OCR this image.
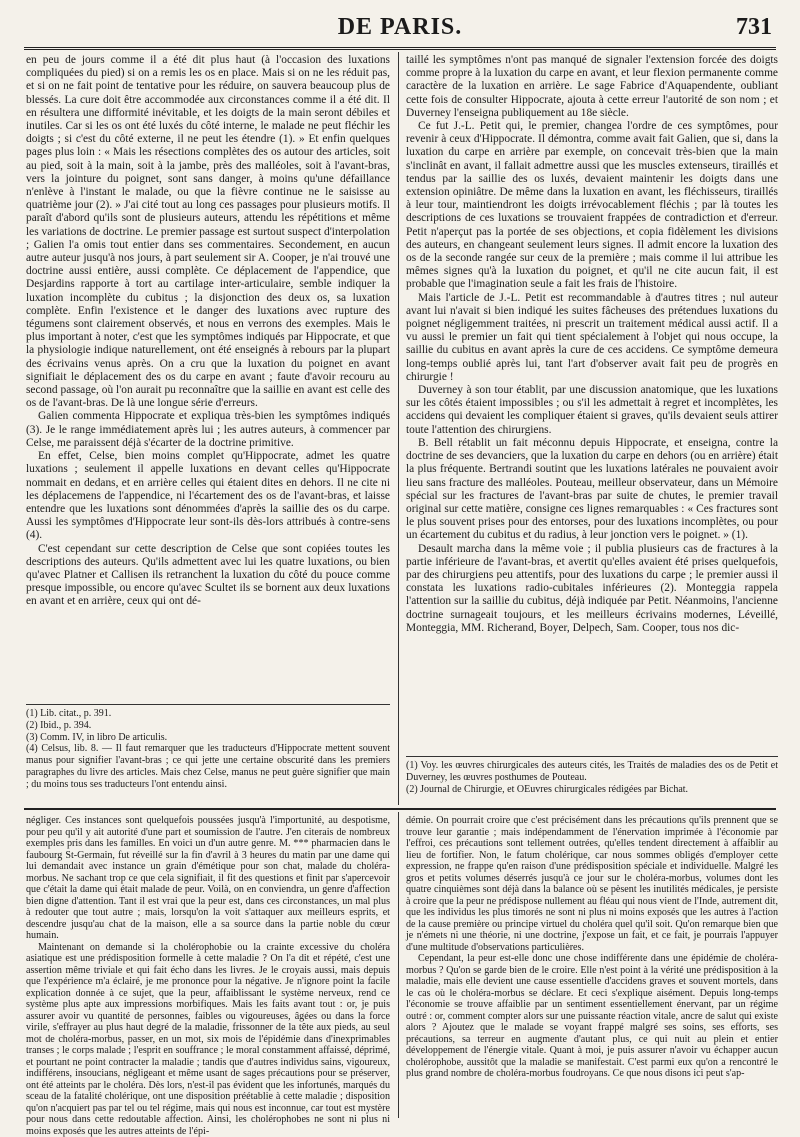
DE PARIS.	731

en peu de jours comme il a été dit plus haut (à l'occasion des luxations compliquées du pied) si on a remis les os en place. Mais si on ne les réduit pas, et si on ne fait point de tentative pour les réduire, on sauvera beaucoup plus de blessés. La cure doit être accommodée aux circonstances comme il a été dit. Il en résultera une difformité inévitable, et les doigts de la main seront débiles et inutiles. Car si les os ont été luxés du côté interne, le malade ne peut fléchir les doigts ; si c'est du côté externe, il ne peut les étendre (1). » Et enfin quelques pages plus loin : « Mais les résections complètes des os autour des articles, soit au pied, soit à la main, soit à la jambe, près des malléoles, soit à l'avant-bras, vers la jointure du poignet, sont sans danger, à moins qu'une défaillance n'enlève à l'instant le malade, ou que la fièvre continue ne le saisisse au quatrième jour (2). » J'ai cité tout au long ces passages pour plusieurs motifs. Il paraît d'abord qu'ils sont de plusieurs auteurs, attendu les répétitions et même les variations de doctrine. Le premier passage est surtout suspect d'interpolation ; Galien l'a omis tout entier dans ses commentaires. Secondement, en aucun autre auteur jusqu'à nos jours, à part seulement sir A. Cooper, je n'ai trouvé une doctrine aussi entière, aussi complète. Ce déplacement de l'appendice, que Desjardins rapporte à tort au cartilage inter-articulaire, semble indiquer la luxation incomplète du cubitus ; la disjonction des deux os, sa luxation complète. Enfin l'existence et le danger des luxations avec rupture des tégumens sont clairement observés, et nous en verrons des exemples. Mais le plus important à noter, c'est que les symptômes indiqués par Hippocrate, et que la physiologie indique naturellement, ont été enseignés à rebours par la plupart des écrivains venus après. On a cru que la luxation du poignet en avant signifiait le déplacement des os du carpe en avant ; faute d'avoir recouru au second passage, où l'on aurait pu reconnaître que la saillie en avant est celle des os de l'avant-bras. De là une longue série d'erreurs.

Galien commenta Hippocrate et expliqua très-bien les symptômes indiqués (3). Je le range immédiatement après lui ; les autres auteurs, à commencer par Celse, me paraissent déjà s'écarter de la doctrine primitive.

En effet, Celse, bien moins complet qu'Hippocrate, admet les quatre luxations ; seulement il appelle luxations en devant celles qu'Hippocrate nommait en dedans, et en arrière celles qui étaient dites en dehors. Il ne cite ni les déplacemens de l'appendice, ni l'écartement des os de l'avant-bras, et laisse entendre que les luxations sont dénommées d'après la saillie des os du carpe. Aussi les symptômes d'Hippocrate leur sont-ils dès-lors attribués à contre-sens (4).

C'est cependant sur cette description de Celse que sont copiées toutes les descriptions des auteurs. Qu'ils admettent avec lui les quatre luxations, ou bien qu'avec Platner et Callisen ils retranchent la luxation du côté du pouce comme presque impossible, ou encore qu'avec Scultet ils se bornent aux deux luxations en avant et en arrière, ceux qui ont dé-

taillé les symptômes n'ont pas manqué de signaler l'extension forcée des doigts comme propre à la luxation du carpe en avant, et leur flexion permanente comme caractère de la luxation en arrière. Le sage Fabrice d'Aquapendente, oubliant cette fois de consulter Hippocrate, ajouta à cette erreur l'autorité de son nom ; et Duverney l'enseigna publiquement au 18e siècle.

Ce fut J.-L. Petit qui, le premier, changea l'ordre de ces symptômes, pour revenir à ceux d'Hippocrate. Il démontra, comme avait fait Galien, que si, dans la luxation du carpe en arrière par exemple, on concevait très-bien que la main s'inclinât en avant, il fallait admettre aussi que les muscles extenseurs, tiraillés et tendus par la saillie des os luxés, devaient maintenir les doigts dans une extension opiniâtre. De même dans la luxation en avant, les fléchisseurs, tiraillés à leur tour, maintiendront les doigts irrévocablement fléchis ; par là toutes les descriptions de ces luxations se trouvaient frappées de contradiction et d'erreur. Petit n'aperçut pas la portée de ses objections, et copia fidèlement les divisions des auteurs, en changeant seulement leurs signes. Il admit encore la luxation des os de la seconde rangée sur ceux de la première ; mais comme il lui attribue les mêmes signes qu'à la luxation du poignet, et qu'il ne cite aucun fait, il est probable que l'imagination seule a fait les frais de l'histoire.

Mais l'article de J.-L. Petit est recommandable à d'autres titres ; nul auteur avant lui n'avait si bien indiqué les suites fâcheuses des prétendues luxations du poignet négligemment traitées, ni prescrit un traitement médical aussi actif. Il a vu aussi le premier un fait qui tient spécialement à l'objet qui nous occupe, la saillie du cubitus en avant après la cure de ces accidens. Ce symptôme demeura long-temps oublié après lui, tant l'art d'observer avait fait peu de progrès en chirurgie !

Duverney à son tour établit, par une discussion anatomique, que les luxations sur les côtés étaient impossibles ; ou s'il les admettait à regret et incomplètes, les accidens qui devaient les compliquer étaient si graves, qu'ils devaient seuls attirer toute l'attention des chirurgiens.

B. Bell rétablit un fait méconnu depuis Hippocrate, et enseigna, contre la doctrine de ses devanciers, que la luxation du carpe en dehors (ou en arrière) était la plus fréquente. Bertrandi soutint que les luxations latérales ne pouvaient avoir lieu sans fracture des malléoles. Pouteau, meilleur observateur, dans un Mémoire spécial sur les fractures de l'avant-bras par suite de chutes, le premier travail original sur cette matière, consigne ces lignes remarquables : « Ces fractures sont le plus souvent prises pour des entorses, pour des luxations incomplètes, ou pour un écartement du cubitus et du radius, à leur jonction vers le poignet. » (1).

Desault marcha dans la même voie ; il publia plusieurs cas de fractures à la partie inférieure de l'avant-bras, et avertit qu'elles avaient été prises quelquefois, par des chirurgiens peu attentifs, pour des luxations du carpe ; le premier aussi il constata les luxations radio-cubitales inférieures (2). Monteggia rappela l'attention sur la saillie du cubitus, déjà indiquée par Petit. Néanmoins, l'ancienne doctrine surnageait toujours, et les meilleurs écrivains modernes, Léveillé, Monteggia, MM. Richerand, Boyer, Delpech, Sam. Cooper, tous nos dic-

(1) Lib. citat., p. 391.

(2) Ibid., p. 394.

(3) Comm. IV, in libro De articulis.

(4) Celsus, lib. 8. — Il faut remarquer que les traducteurs d'Hippocrate mettent souvent manus pour signifier l'avant-bras ; ce qui jette une certaine obscurité dans les premiers paragraphes du livre des articles. Mais chez Celse, manus ne peut guère signifier que main ; du moins tous ses traducteurs l'ont entendu ainsi.

(1) Voy. les œuvres chirurgicales des auteurs cités, les Traités de maladies des os de Petit et Duverney, les œuvres posthumes de Pouteau.

(2) Journal de Chirurgie, et OEuvres chirurgicales rédigées par Bichat.

négliger. Ces instances sont quelquefois poussées jusqu'à l'importunité, au despotisme, pour peu qu'il y ait autorité d'une part et soumission de l'autre. J'en citerais de nombreux exemples pris dans les familles. En voici un d'un autre genre. M. *** pharmacien dans le faubourg St-Germain, fut réveillé sur la fin d'avril à 3 heures du matin par une dame qui lui demandait avec instance un grain d'émétique pour son chat, malade du choléra-morbus. Ne sachant trop ce que cela signifiait, il fit des questions et finit par s'apercevoir que c'était la dame qui était malade de peur. Voilà, on en conviendra, un genre d'affection bien digne d'attention. Tant il est vrai que la peur est, dans ces circonstances, un mal plus à redouter que tout autre ; mais, lorsqu'on la voit s'attaquer aux meilleurs esprits, et descendre jusqu'au chat de la maison, elle a sa source dans la partie noble du cœur humain.

Maintenant on demande si la cholérophobie ou la crainte excessive du choléra asiatique est une prédisposition formelle à cette maladie ? On l'a dit et répété, c'est une assertion même triviale et qui fait écho dans les livres. Je le croyais aussi, mais depuis que l'expérience m'a éclairé, je me prononce pour la négative. Je n'ignore point la facile explication donnée à ce sujet, que la peur, affaiblissant le système nerveux, rend ce système plus apte aux impressions morbifiques. Mais les faits avant tout : or, je puis assurer avoir vu quantité de personnes, faibles ou vigoureuses, âgées ou dans la force virile, s'effrayer au plus haut degré de la maladie, frissonner de la tête aux pieds, au seul mot de choléra-morbus, passer, en un mot, six mois de l'épidémie dans d'inexprimables transes ; le corps malade ; l'esprit en souffrance ; le moral constamment affaissé, déprimé, et pourtant ne point contracter la maladie ; tandis que d'autres individus sains, vigoureux, indifférens, insoucians, négligeant et même usant de sages précautions pour se préserver, ont été atteints par le choléra. Dès lors, n'est-il pas évident que les infortunés, marqués du sceau de la fatalité cholérique, ont une disposition préétablie à cette maladie ; disposition qu'on n'acquiert pas par tel ou tel régime, mais qui nous est inconnue, car tout est mystère pour nous dans cette redoutable affection. Ainsi, les cholérophobes ne sont ni plus ni moins exposés que les autres atteints de l'épi-

démie. On pourrait croire que c'est précisément dans les précautions qu'ils prennent que se trouve leur garantie ; mais indépendamment de l'énervation imprimée à l'économie par l'effroi, ces précautions sont tellement outrées, qu'elles tendent directement à affaiblir au lieu de fortifier. Non, le fatum cholérique, car nous sommes obligés d'employer cette expression, ne frappe qu'en raison d'une prédisposition spéciale et individuelle. Malgré les gros et petits volumes déserrés jusqu'à ce jour sur le choléra-morbus, volumes dont les quatre cinquièmes sont déjà dans la balance où se pèsent les inutilités médicales, je persiste à croire que la peur ne prédispose nullement au fléau qui nous vient de l'Inde, autrement dit, que les individus les plus timorés ne sont ni plus ni moins exposés que les autres à l'action de la cause première ou principe virtuel du choléra quel qu'il soit. Qu'on remarque bien que je n'émets ni une théorie, ni une doctrine, j'expose un fait, et ce fait, je pourrais l'appuyer d'une multitude d'observations particulières.

Cependant, la peur est-elle donc une chose indifférente dans une épidémie de choléra-morbus ? Qu'on se garde bien de le croire. Elle n'est point à la vérité une prédisposition à la maladie, mais elle devient une cause essentielle d'accidens graves et souvent mortels, dans le cas où le choléra-morbus se déclare. Et ceci s'explique aisément. Depuis long-temps l'économie se trouve affaiblie par un sentiment essentiellement énervant, par un régime outré : or, comment compter alors sur une puissante réaction vitale, ancre de salut qui existe alors ? Ajoutez que le malade se voyant frappé malgré ses soins, ses efforts, ses précautions, sa terreur en augmente d'autant plus, ce qui nuit au plein et entier développement de l'énergie vitale. Quant à moi, je puis assurer n'avoir vu échapper aucun cholérophobe, aussitôt que la maladie se manifestait. C'est parmi eux qu'on a rencontré le plus grand nombre de choléra-morbus foudroyans. Ce que nous disons ici peut s'ap-
